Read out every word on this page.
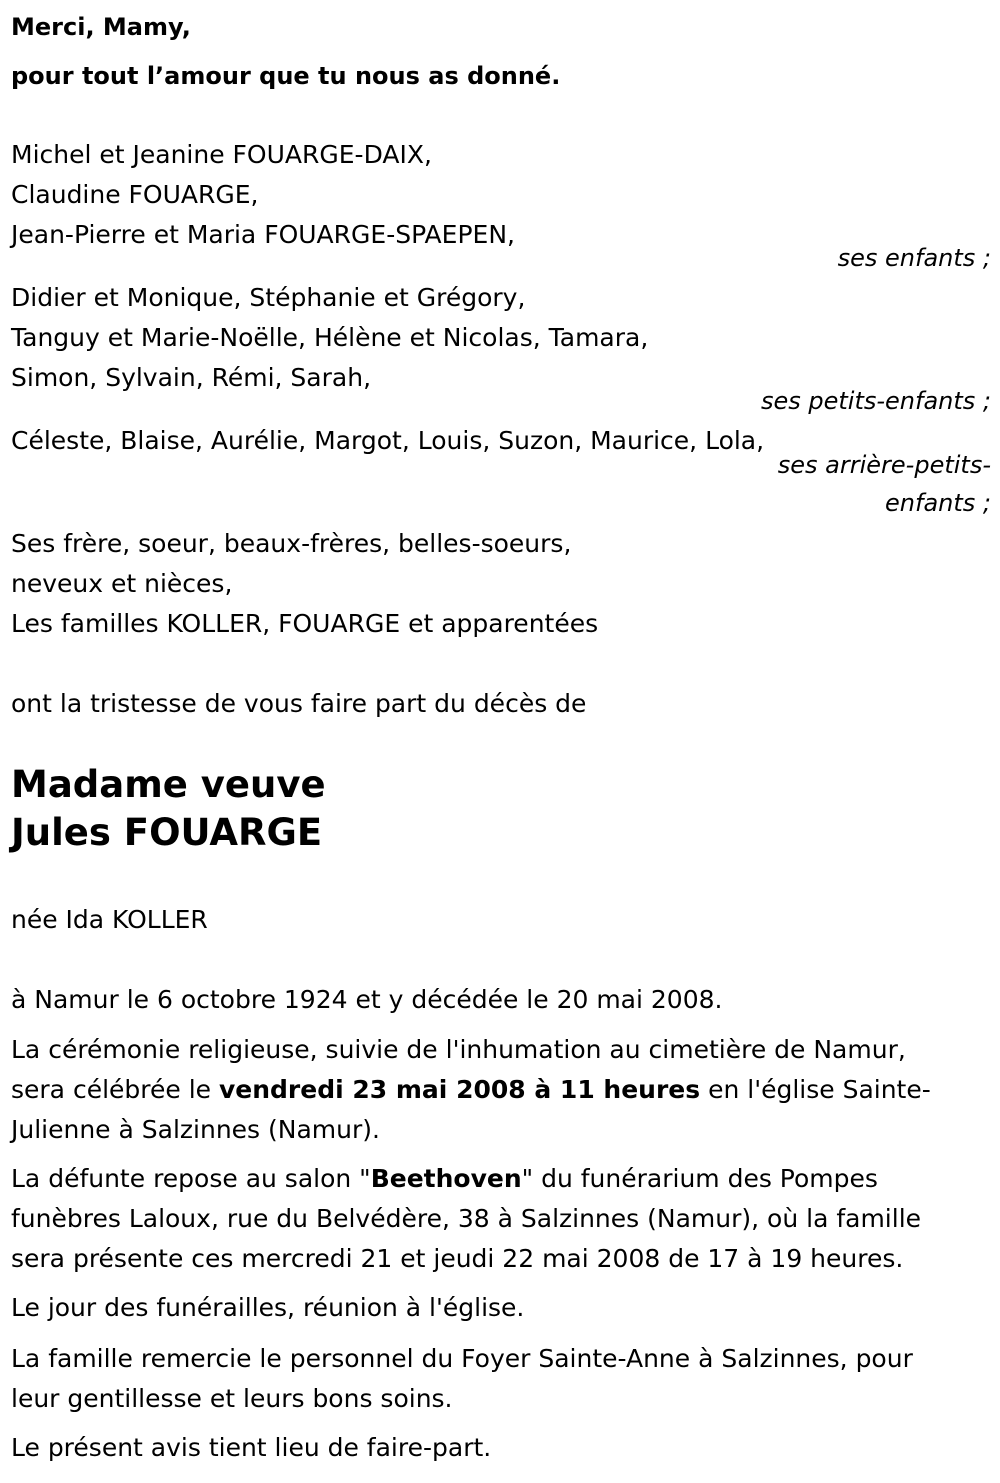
Merci, Mamy,
pour tout l’amour que tu nous as donné.
Michel et Jeanine FOUARGE-DAIX,
Claudine FOUARGE,
Jean-Pierre et Maria FOUARGE-SPAEPEN,
ses enfants ;
Didier et Monique, Stéphanie et Grégory,
Tanguy et Marie-Noëlle, Hélène et Nicolas, Tamara,
Simon, Sylvain, Rémi, Sarah,
ses petits-enfants ;
Céleste, Blaise, Aurélie, Margot, Louis, Suzon, Maurice, Lola,
ses arrière-petits-
enfants ;
Ses frère, soeur, beaux-frères, belles-soeurs,
neveux et nièces,
Les familles KOLLER, FOUARGE et apparentées
ont la tristesse de vous faire part du décès de
Madame veuve
Jules FOUARGE
née Ida KOLLER
à Namur le 6 octobre 1924 et y décédée le 20 mai 2008.
La cérémonie religieuse, suivie de l'inhumation au cimetière de Namur,
sera célébrée le vendredi 23 mai 2008 à 11 heures en l'église Sainte-
Julienne à Salzinnes (Namur).
La défunte repose au salon "Beethoven" du funérarium des Pompes
funèbres Laloux, rue du Belvédère, 38 à Salzinnes (Namur), où la famille
sera présente ces mercredi 21 et jeudi 22 mai 2008 de 17 à 19 heures.
Le jour des funérailles, réunion à l'église.
La famille remercie le personnel du Foyer Sainte-Anne à Salzinnes, pour
leur gentillesse et leurs bons soins.
Le présent avis tient lieu de faire-part.
